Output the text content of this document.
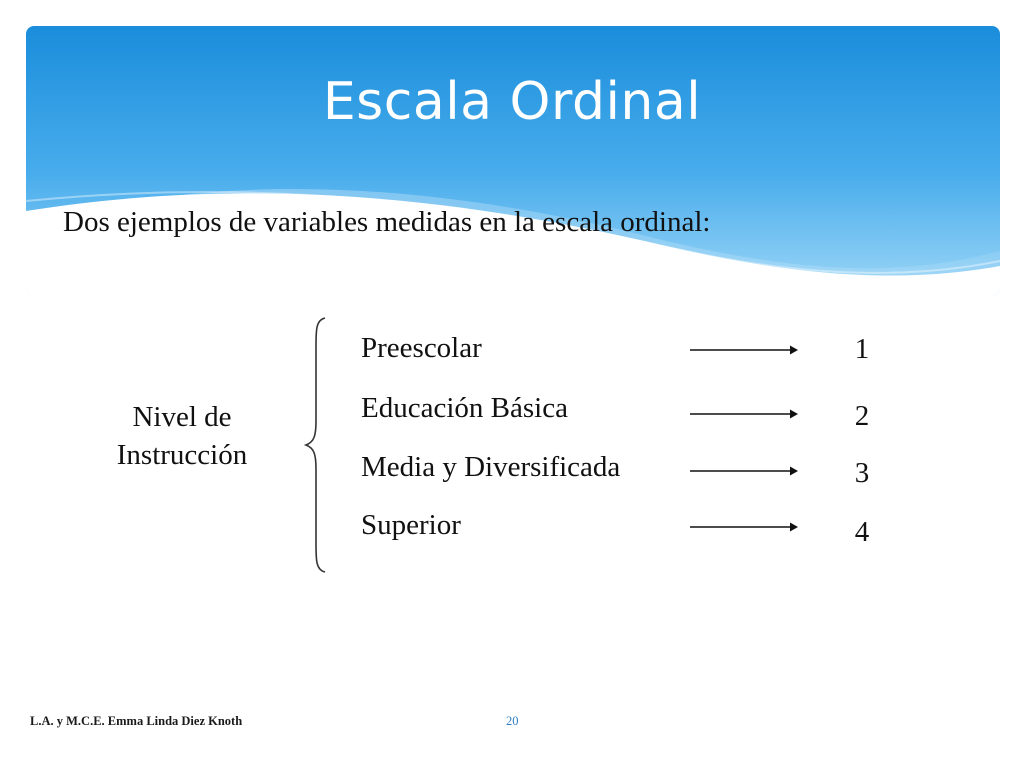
Escala Ordinal
Dos ejemplos de variables medidas en la escala ordinal:
Nivel de
Instrucción
Preescolar
Educación Básica
Media y Diversificada
Superior
1
2
3
4
L.A. y M.C.E. Emma Linda Diez Knoth	20
